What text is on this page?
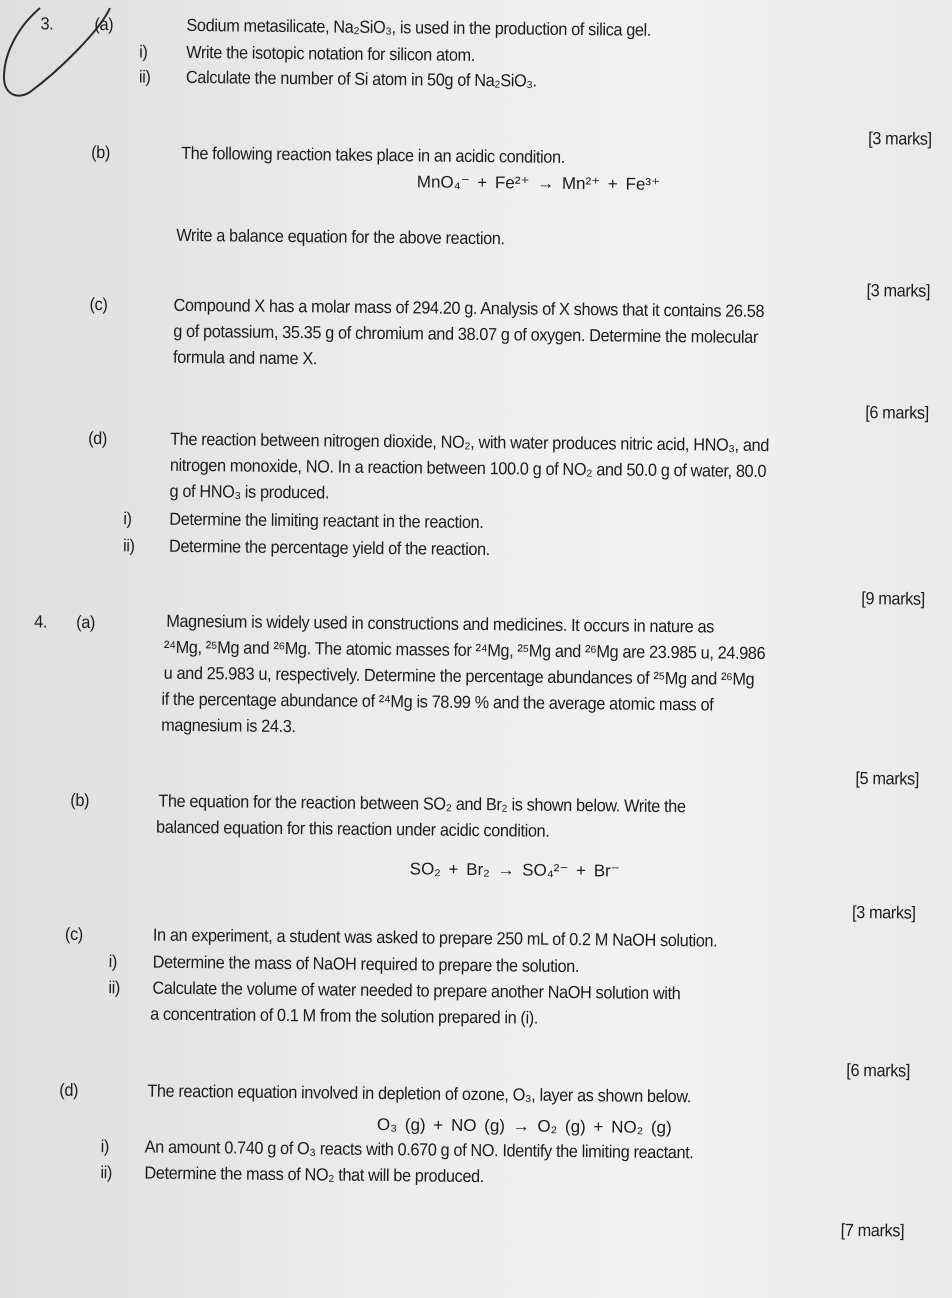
3. (a)	Sodium metasilicate, Na₂SiO₃, is used in the production of silica gel.
i) Write the isotopic notation for silicon atom.
ii) Calculate the number of Si atom in 50g of Na₂SiO₃.
[3 marks]
(b)	The following reaction takes place in an acidic condition.
MnO₄⁻ + Fe²⁺ → Mn²⁺ + Fe³⁺
Write a balance equation for the above reaction.
[3 marks]
(c)	Compound X has a molar mass of 294.20 g. Analysis of X shows that it contains 26.58
g of potassium, 35.35 g of chromium and 38.07 g of oxygen. Determine the molecular
formula and name X.
[6 marks]
(d)	The reaction between nitrogen dioxide, NO₂, with water produces nitric acid, HNO₃, and
nitrogen monoxide, NO. In a reaction between 100.0 g of NO₂ and 50.0 g of water, 80.0
g of HNO₃ is produced.
i) Determine the limiting reactant in the reaction.
ii) Determine the percentage yield of the reaction.
[9 marks]
4. (a)	Magnesium is widely used in constructions and medicines. It occurs in nature as
²⁴Mg, ²⁵Mg and ²⁶Mg. The atomic masses for ²⁴Mg, ²⁵Mg and ²⁶Mg are 23.985 u, 24.986
u and 25.983 u, respectively. Determine the percentage abundances of ²⁵Mg and ²⁶Mg
if the percentage abundance of ²⁴Mg is 78.99 % and the average atomic mass of
magnesium is 24.3.
[5 marks]
(b)	The equation for the reaction between SO₂ and Br₂ is shown below. Write the
balanced equation for this reaction under acidic condition.
SO₂ + Br₂ → SO₄²⁻ + Br⁻
[3 marks]
(c)	In an experiment, a student was asked to prepare 250 mL of 0.2 M NaOH solution.
i) Determine the mass of NaOH required to prepare the solution.
ii) Calculate the volume of water needed to prepare another NaOH solution with
a concentration of 0.1 M from the solution prepared in (i).
[6 marks]
(d)	The reaction equation involved in depletion of ozone, O₃, layer as shown below.
O₃ (g) + NO (g) → O₂ (g) + NO₂ (g)
i) An amount 0.740 g of O₃ reacts with 0.670 g of NO. Identify the limiting reactant.
ii) Determine the mass of NO₂ that will be produced.
[7 marks]
